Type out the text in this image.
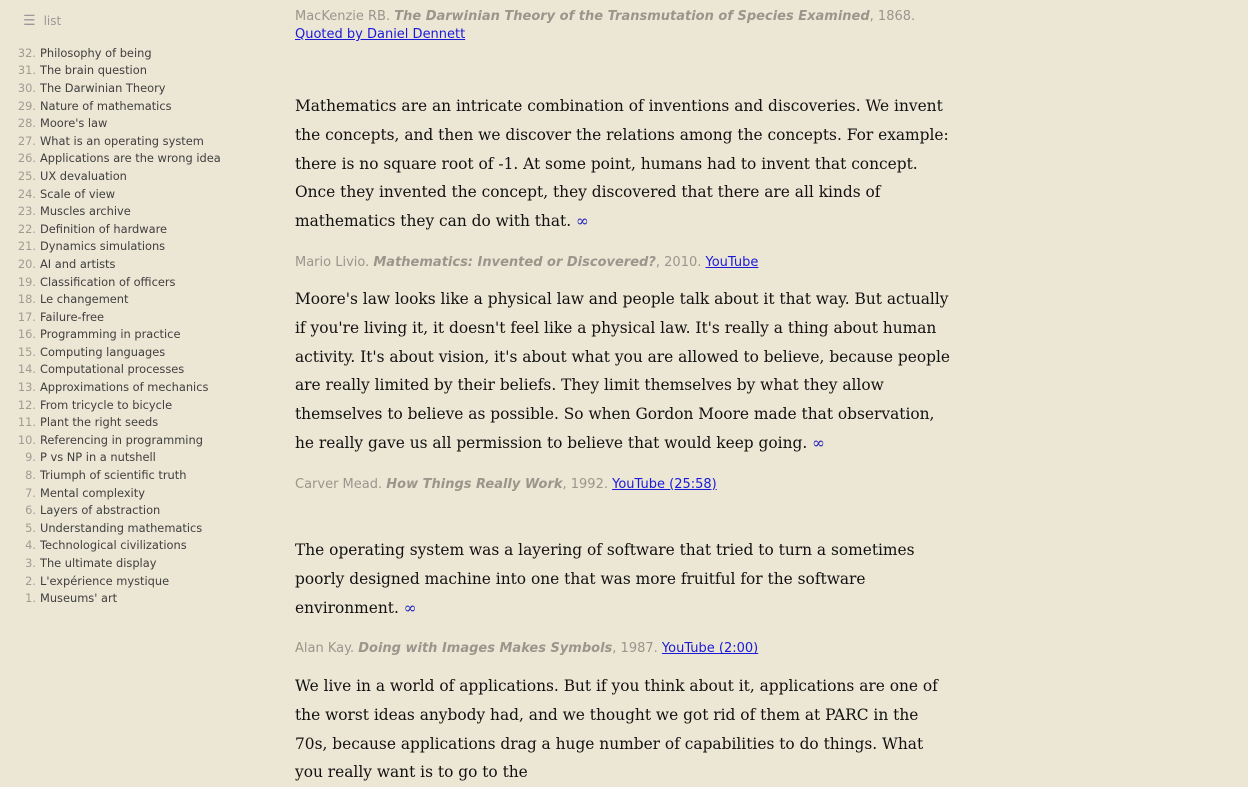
☰ list
32. Philosophy of being
31. The brain question
30. The Darwinian Theory
29. Nature of mathematics
28. Moore's law
27. What is an operating system
26. Applications are the wrong idea
25. UX devaluation
24. Scale of view
23. Muscles archive
22. Definition of hardware
21. Dynamics simulations
20. AI and artists
19. Classification of officers
18. Le changement
17. Failure-free
16. Programming in practice
15. Computing languages
14. Computational processes
13. Approximations of mechanics
12. From tricycle to bicycle
11. Plant the right seeds
10. Referencing in programming
9. P vs NP in a nutshell
8. Triumph of scientific truth
7. Mental complexity
6. Layers of abstraction
5. Understanding mathematics
4. Technological civilizations
3. The ultimate display
2. L'expérience mystique
1. Museums' art
MacKenzie RB. The Darwinian Theory of the Transmutation of Species Examined, 1868.
Quoted by Daniel Dennett

Mathematics are an intricate combination of inventions and discoveries. We invent the concepts, and then we discover the relations among the concepts. For example: there is no square root of -1. At some point, humans had to invent that concept. Once they invented the concept, they discovered that there are all kinds of mathematics they can do with that. ∞

Mario Livio. Mathematics: Invented or Discovered?, 2010. YouTube

Moore's law looks like a physical law and people talk about it that way. But actually if you're living it, it doesn't feel like a physical law. It's really a thing about human activity. It's about vision, it's about what you are allowed to believe, because people are really limited by their beliefs. They limit themselves by what they allow themselves to believe as possible. So when Gordon Moore made that observation, he really gave us all permission to believe that would keep going. ∞

Carver Mead. How Things Really Work, 1992. YouTube (25:58)

The operating system was a layering of software that tried to turn a sometimes poorly designed machine into one that was more fruitful for the software environment. ∞

Alan Kay. Doing with Images Makes Symbols, 1987. YouTube (2:00)

We live in a world of applications. But if you think about it, applications are one of the worst ideas anybody had, and we thought we got rid of them at PARC in the 70s, because applications drag a huge number of capabilities to do things. What you really want is to go to the
